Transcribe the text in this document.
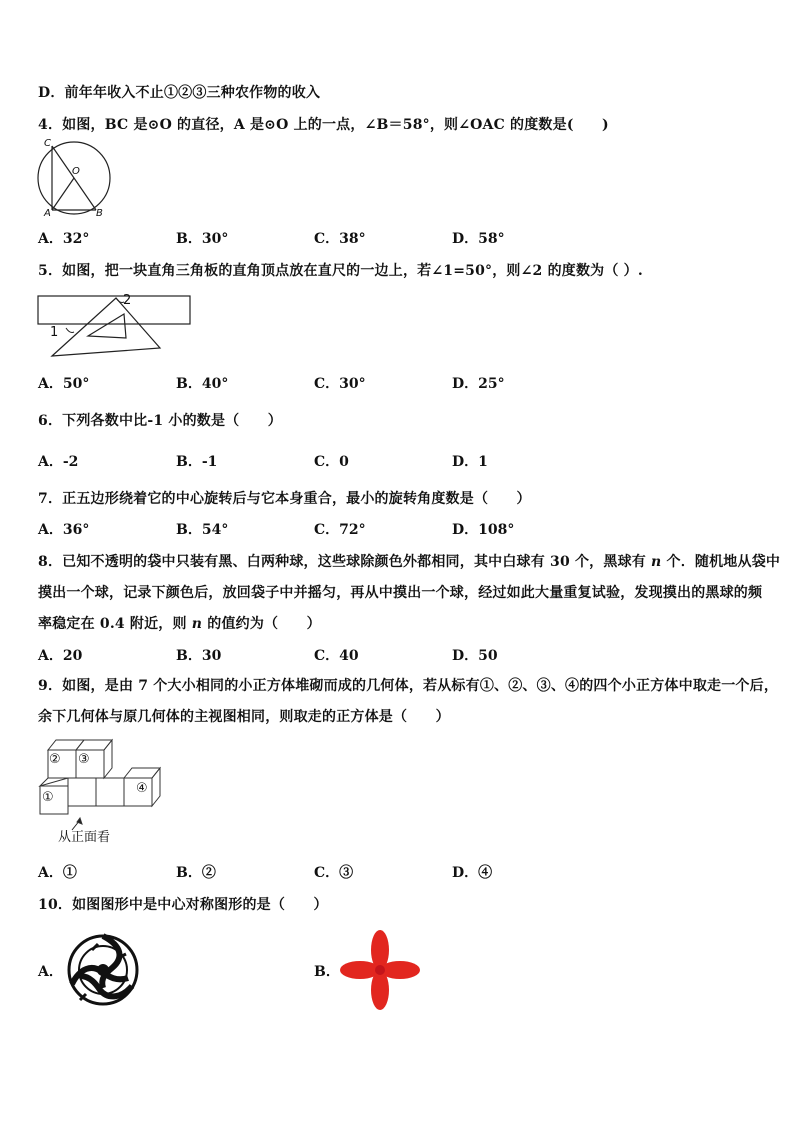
D．前年年收入不止①②③三种农作物的收入
4．如图，BC 是⊙O 的直径，A 是⊙O 上的一点，∠B＝58°，则∠OAC 的度数是(　　)
C
O
A	B
A．32°	B．30°	C．38°	D．58°
5．如图，把一块直角三角板的直角顶点放在直尺的一边上，若∠1=50°，则∠2 的度数为（ ）.
2
1
A．50°	B．40°	C．30°	D．25°
6．下列各数中比-1 小的数是（　　）
A．-2	B．-1	C．0	D．1
7．正五边形绕着它的中心旋转后与它本身重合，最小的旋转角度数是（　　）
A．36°	B．54°	C．72°	D．108°
8．已知不透明的袋中只装有黑、白两种球，这些球除颜色外都相同，其中白球有 30 个，黑球有 n 个．随机地从袋中
摸出一个球，记录下颜色后，放回袋子中并摇匀，再从中摸出一个球，经过如此大量重复试验，发现摸出的黑球的频
率稳定在 0.4 附近，则 n 的值约为（　　）
A．20	B．30	C．40	D．50
9．如图，是由 7 个大小相同的小正方体堆砌而成的几何体，若从标有①、②、③、④的四个小正方体中取走一个后，
余下几何体与原几何体的主视图相同，则取走的正方体是（　　）
② ③
①
④
从正面看
A．①	B．②	C．③	D．④
10．如图图形中是中心对称图形的是（　　）
A．	B．
